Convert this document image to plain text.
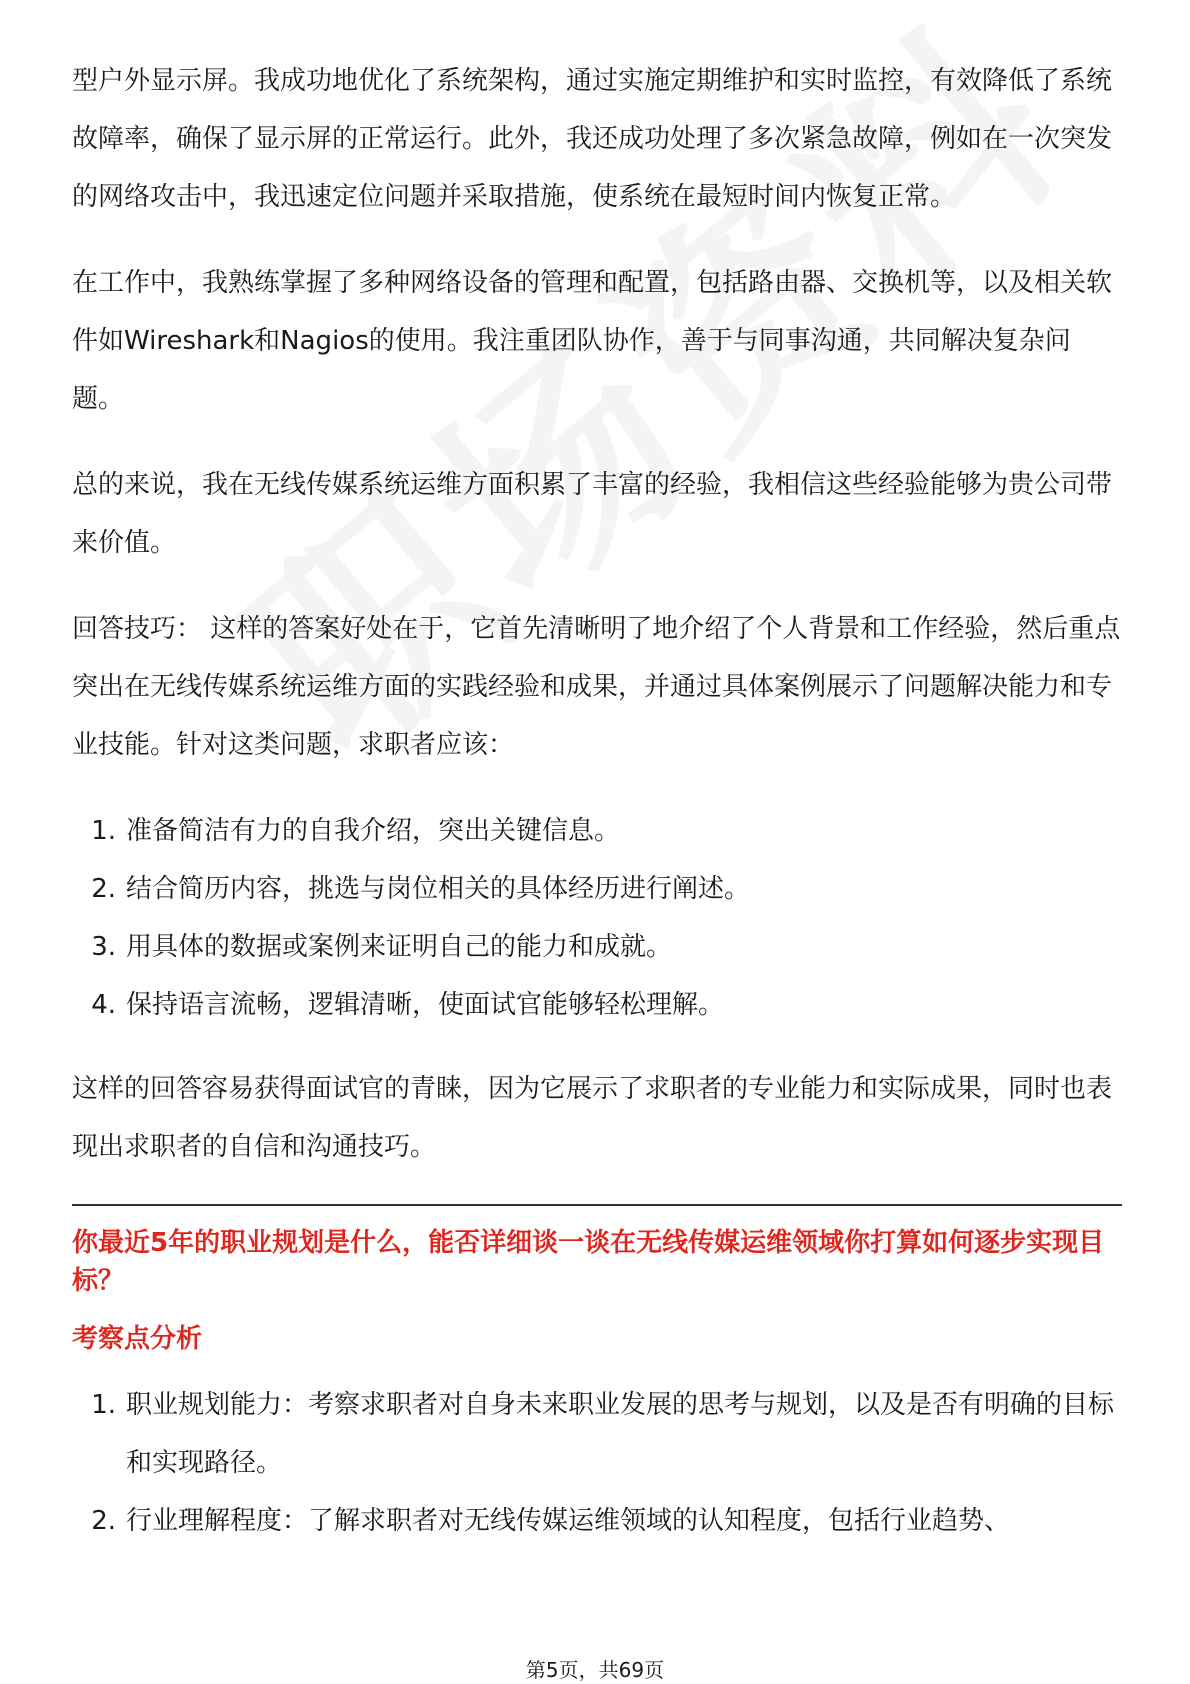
型户外显示屏。我成功地优化了系统架构，通过实施定期维护和实时监控，有效降低了系统故障率，确保了显示屏的正常运行。此外，我还成功处理了多次紧急故障，例如在一次突发的网络攻击中，我迅速定位问题并采取措施，使系统在最短时间内恢复正常。

在工作中，我熟练掌握了多种网络设备的管理和配置，包括路由器、交换机等，以及相关软件如Wireshark和Nagios的使用。我注重团队协作，善于与同事沟通，共同解决复杂问题。

总的来说，我在无线传媒系统运维方面积累了丰富的经验，我相信这些经验能够为贵公司带来价值。

回答技巧： 这样的答案好处在于，它首先清晰明了地介绍了个人背景和工作经验，然后重点突出在无线传媒系统运维方面的实践经验和成果，并通过具体案例展示了问题解决能力和专业技能。针对这类问题，求职者应该：

1. 准备简洁有力的自我介绍，突出关键信息。
2. 结合简历内容，挑选与岗位相关的具体经历进行阐述。
3. 用具体的数据或案例来证明自己的能力和成就。
4. 保持语言流畅，逻辑清晰，使面试官能够轻松理解。

这样的回答容易获得面试官的青睐，因为它展示了求职者的专业能力和实际成果，同时也表现出求职者的自信和沟通技巧。

你最近5年的职业规划是什么，能否详细谈一谈在无线传媒运维领域你打算如何逐步实现目标？
考察点分析
1. 职业规划能力：考察求职者对自身未来职业发展的思考与规划，以及是否有明确的目标和实现路径。
2. 行业理解程度：了解求职者对无线传媒运维领域的认知程度，包括行业趋势、
第5页，共69页
